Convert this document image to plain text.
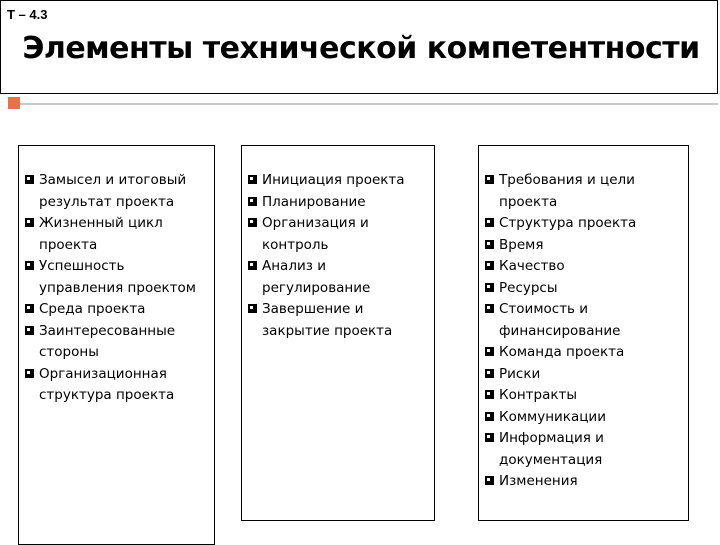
Т – 4.3
Элементы технической компетентности
Замысел и итоговый результат проекта
Жизненный цикл проекта
Успешность управления проектом
Среда проекта
Заинтересованные стороны
Организационная структура проекта
Инициация проекта
Планирование
Организация и контроль
Анализ и регулирование
Завершение и закрытие проекта
Требования и цели проекта
Структура проекта
Время
Качество
Ресурсы
Стоимость и финансирование
Команда проекта
Риски
Контракты
Коммуникации
Информация и документация
Изменения
